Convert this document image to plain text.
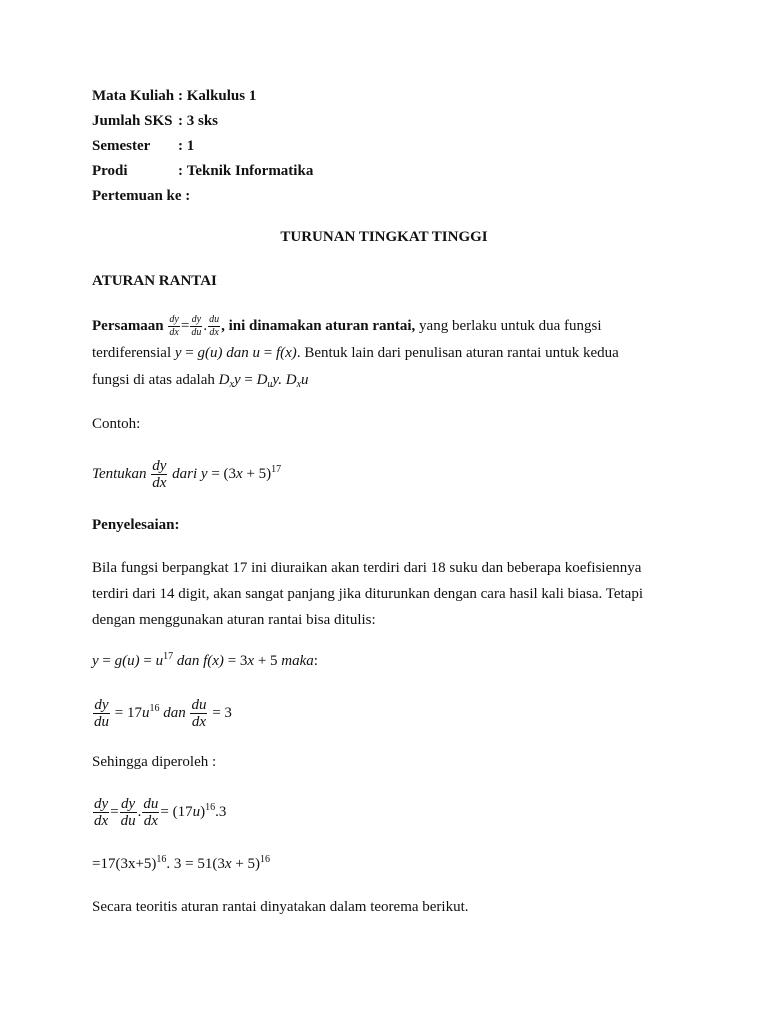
Mata Kuliah : Kalkulus 1
Jumlah SKS : 3 sks
Semester	: 1
Prodi	: Teknik Informatika
Pertemuan ke :
TURUNAN TINGKAT TINGGI
ATURAN RANTAI
Persamaan $\frac{dy}{dx} = \frac{dy}{du}$ . $\frac{du}{dx}$ , ini dinamakan aturan rantai, yang berlaku untuk dua fungsi
terdiferensial y = g(u) dan u = f(x). Bentuk lain dari penulisan aturan rantai untuk kedua
fungsi di atas adalah $D_xy = D_uy$. $D_xu$
Contoh:
Tentukan $\frac{dy}{dx}$ dari $y = (3x + 5)^{17}$
Penyelesaian:
Bila fungsi berpangkat 17 ini diuraikan akan terdiri dari 18 suku dan beberapa koefisiennya
terdiri dari 14 digit, akan sangat panjang jika diturunkan dengan cara hasil kali biasa. Tetapi
dengan menggunakan aturan rantai bisa ditulis:
$y = g(u) = u^{17}$ dan f(x) = 3x + 5 maka:
$\frac{dy}{du} = 17u^{16}$ dan $\frac{du}{dx} = 3$
Sehingga diperoleh :
$\frac{dy}{dx} = \frac{dy}{du}$ . $\frac{du}{dx} = (17u)^{16}.3$
$=17(3x+5)^{16}$. $3 = 51(3x + 5)^{16}$
Secara teoritis aturan rantai dinyatakan dalam teorema berikut.
